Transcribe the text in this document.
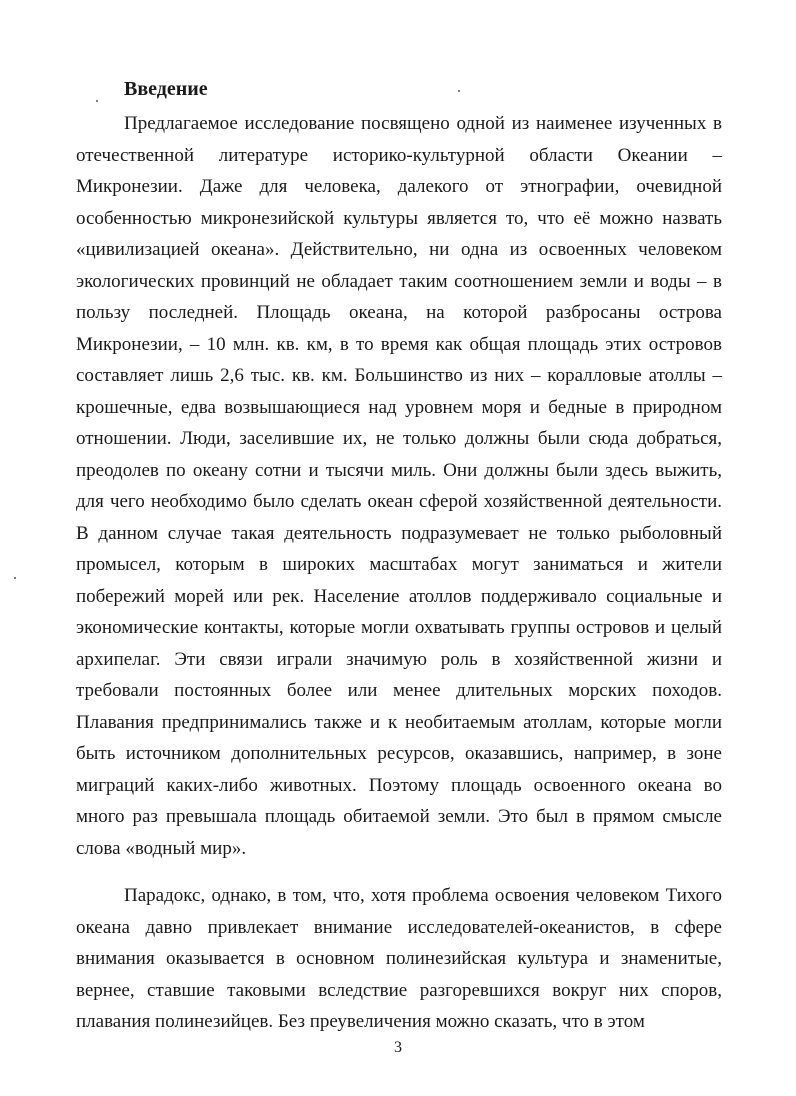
Введение

Предлагаемое исследование посвящено одной из наименее изученных в отечественной литературе историко-культурной области Океании – Микронезии. Даже для человека, далекого от этнографии, очевидной особенностью микронезийской культуры является то, что её можно назвать «цивилизацией океана». Действительно, ни одна из освоенных человеком экологических провинций не обладает таким соотношением земли и воды – в пользу последней. Площадь океана, на которой разбросаны острова Микронезии, – 10 млн. кв. км, в то время как общая площадь этих островов составляет лишь 2,6 тыс. кв. км. Большинство из них – коралловые атоллы – крошечные, едва возвышающиеся над уровнем моря и бедные в природном отношении. Люди, заселившие их, не только должны были сюда добраться, преодолев по океану сотни и тысячи миль. Они должны были здесь выжить, для чего необходимо было сделать океан сферой хозяйственной деятельности. В данном случае такая деятельность подразумевает не только рыболовный промысел, которым в широких масштабах могут заниматься и жители побережий морей или рек. Население атоллов поддерживало социальные и экономические контакты, которые могли охватывать группы островов и целый архипелаг. Эти связи играли значимую роль в хозяйственной жизни и требовали постоянных более или менее длительных морских походов. Плавания предпринимались также и к необитаемым атоллам, которые могли быть источником дополнительных ресурсов, оказавшись, например, в зоне миграций каких-либо животных. Поэтому площадь освоенного океана во много раз превышала площадь обитаемой земли. Это был в прямом смысле слова «водный мир».

Парадокс, однако, в том, что, хотя проблема освоения человеком Тихого океана давно привлекает внимание исследователей-океанистов, в сфере внимания оказывается в основном полинезийская культура и знаменитые, вернее, ставшие таковыми вследствие разгоревшихся вокруг них споров, плавания полинезийцев. Без преувеличения можно сказать, что в этом

3
